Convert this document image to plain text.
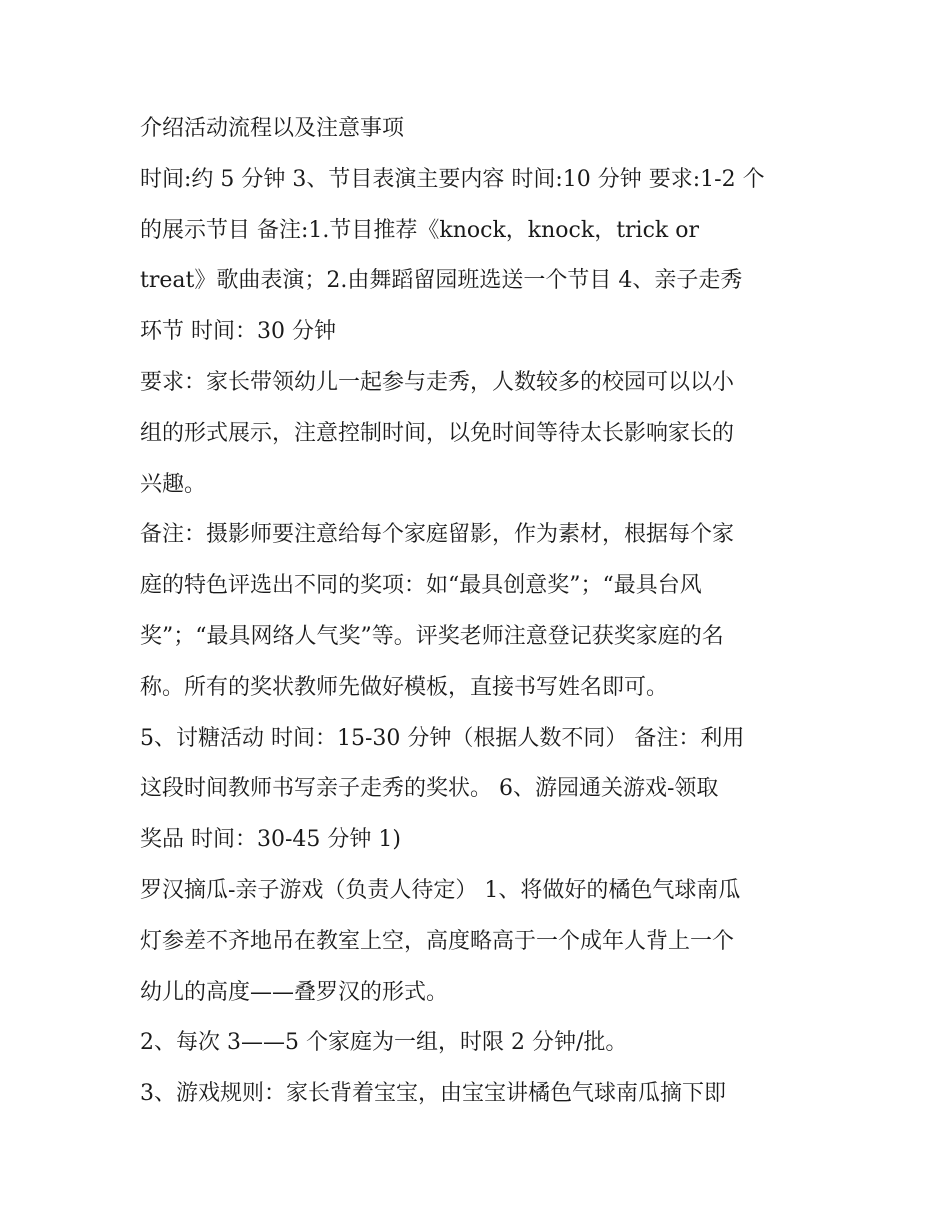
介绍活动流程以及注意事项
时间:约 5 分钟 3、节目表演主要内容 时间:10 分钟 要求:1-2 个
的展示节目 备注:1.节目推荐《knock，knock，trick or
treat》歌曲表演；2.由舞蹈留园班选送一个节目 4、亲子走秀
环节 时间：30 分钟
要求：家长带领幼儿一起参与走秀，人数较多的校园可以以小
组的形式展示，注意控制时间，以免时间等待太长影响家长的
兴趣。
备注：摄影师要注意给每个家庭留影，作为素材，根据每个家
庭的特色评选出不同的奖项：如“最具创意奖”；“最具台风
奖”；“最具网络人气奖”等。评奖老师注意登记获奖家庭的名
称。所有的奖状教师先做好模板，直接书写姓名即可。
5、讨糖活动 时间：15-30 分钟（根据人数不同） 备注：利用
这段时间教师书写亲子走秀的奖状。 6、游园通关游戏-领取
奖品 时间：30-45 分钟 1)
罗汉摘瓜-亲子游戏（负责人待定） 1、将做好的橘色气球南瓜
灯参差不齐地吊在教室上空，高度略高于一个成年人背上一个
幼儿的高度——叠罗汉的形式。
2、每次 3——5 个家庭为一组，时限 2 分钟/批。
3、游戏规则：家长背着宝宝，由宝宝讲橘色气球南瓜摘下即
